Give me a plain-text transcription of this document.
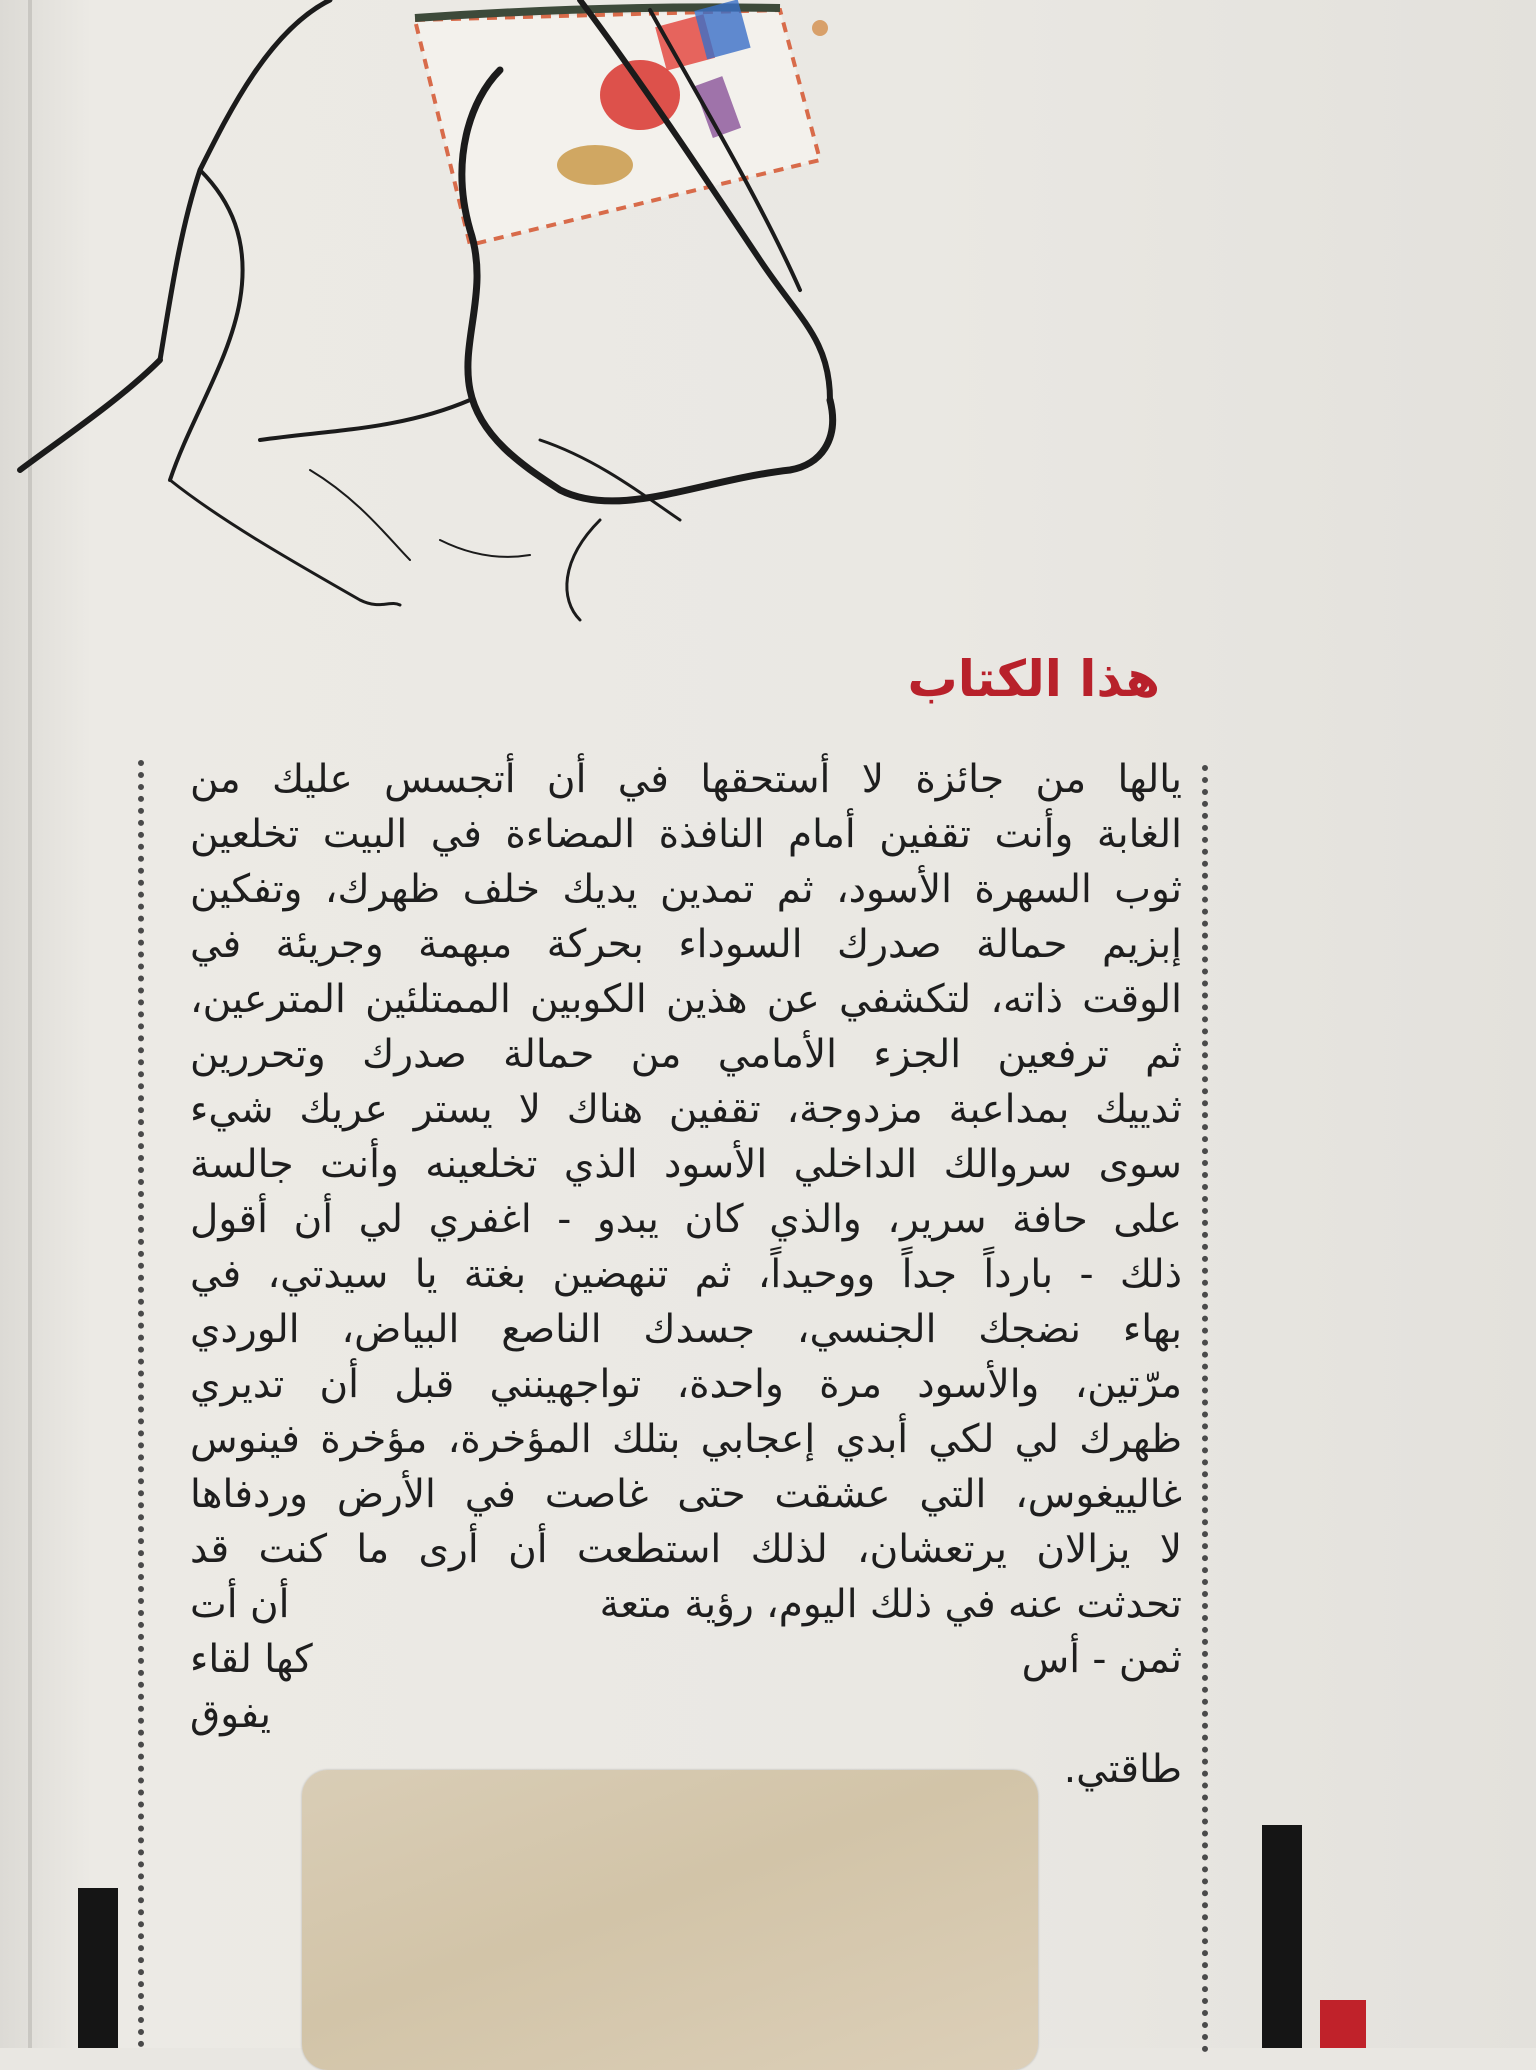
هذا الكتاب
يالها من جائزة لا أستحقها في أن أتجسس عليك من
الغابة وأنت تقفين أمام النافذة المضاءة في البيت تخلعين
ثوب السهرة الأسود، ثم تمدين يديك خلف ظهرك، وتفكين
إبزيم حمالة صدرك السوداء بحركة مبهمة وجريئة في
الوقت ذاته، لتكشفي عن هذين الكوبين الممتلئين المترعين،
ثم ترفعين الجزء الأمامي من حمالة صدرك وتحررين
ثدييك بمداعبة مزدوجة، تقفين هناك لا يستر عريك شيء
سوى سروالك الداخلي الأسود الذي تخلعينه وأنت جالسة
على حافة سرير، والذي كان يبدو - اغفري لي أن أقول
ذلك - بارداً جداً ووحيداً، ثم تنهضين بغتة يا سيدتي، في
بهاء نضجك الجنسي، جسدك الناصع البياض، الوردي
مرّتين، والأسود مرة واحدة، تواجهينني قبل أن تديري
ظهرك لي لكي أبدي إعجابي بتلك المؤخرة، مؤخرة فينوس
غالييغوس، التي عشقت حتى غاصت في الأرض وردفاها
لا يزالان يرتعشان، لذلك استطعت أن أرى ما كنت قد
تحدثت عنه في ذلك اليوم، رؤية متعة
أن أت
ثمن - أس
كها لقاء
يفوق
طاقتي.
